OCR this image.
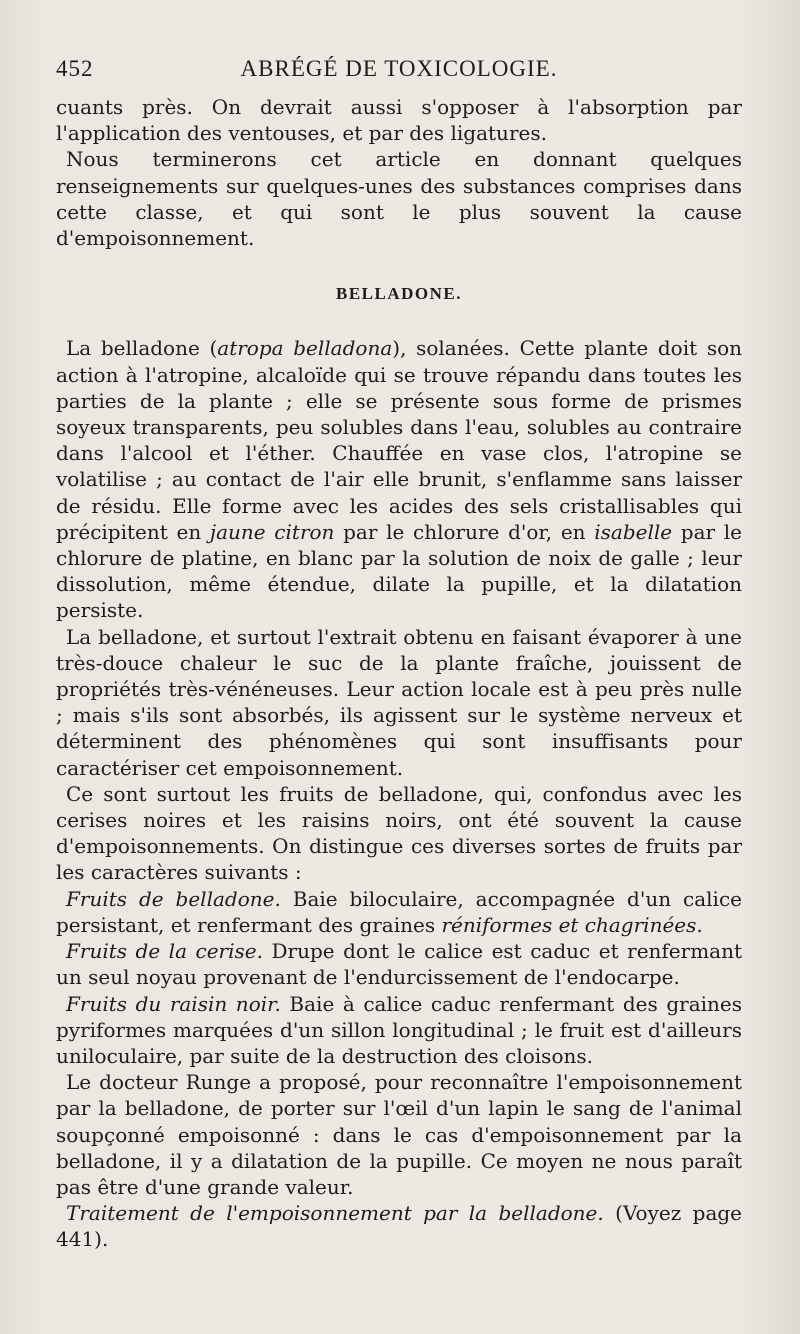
452	ABRÉGÉ DE TOXICOLOGIE.

cuants près. On devrait aussi s'opposer à l'absorption par l'application des ventouses, et par des ligatures.

Nous terminerons cet article en donnant quelques renseignements sur quelques-unes des substances comprises dans cette classe, et qui sont le plus souvent la cause d'empoisonnement.

BELLADONE.

La belladone (atropa belladona), solanées. Cette plante doit son action à l'atropine, alcaloïde qui se trouve répandu dans toutes les parties de la plante ; elle se présente sous forme de prismes soyeux transparents, peu solubles dans l'eau, solubles au contraire dans l'alcool et l'éther. Chauffée en vase clos, l'atropine se volatilise ; au contact de l'air elle brunit, s'enflamme sans laisser de résidu. Elle forme avec les acides des sels cristallisables qui précipitent en jaune citron par le chlorure d'or, en isabelle par le chlorure de platine, en blanc par la solution de noix de galle ; leur dissolution, même étendue, dilate la pupille, et la dilatation persiste.

La belladone, et surtout l'extrait obtenu en faisant évaporer à une très-douce chaleur le suc de la plante fraîche, jouissent de propriétés très-vénéneuses. Leur action locale est à peu près nulle ; mais s'ils sont absorbés, ils agissent sur le système nerveux et déterminent des phénomènes qui sont insuffisants pour caractériser cet empoisonnement.

Ce sont surtout les fruits de belladone, qui, confondus avec les cerises noires et les raisins noirs, ont été souvent la cause d'empoisonnements. On distingue ces diverses sortes de fruits par les caractères suivants :

Fruits de belladone. Baie biloculaire, accompagnée d'un calice persistant, et renfermant des graines réniformes et chagrinées.

Fruits de la cerise. Drupe dont le calice est caduc et renfermant un seul noyau provenant de l'endurcissement de l'endocarpe.

Fruits du raisin noir. Baie à calice caduc renfermant des graines pyriformes marquées d'un sillon longitudinal ; le fruit est d'ailleurs uniloculaire, par suite de la destruction des cloisons.

Le docteur Runge a proposé, pour reconnaître l'empoisonnement par la belladone, de porter sur l'œil d'un lapin le sang de l'animal soupçonné empoisonné : dans le cas d'empoisonnement par la belladone, il y a dilatation de la pupille. Ce moyen ne nous paraît pas être d'une grande valeur.

Traitement de l'empoisonnement par la belladone. (Voyez page 441).
